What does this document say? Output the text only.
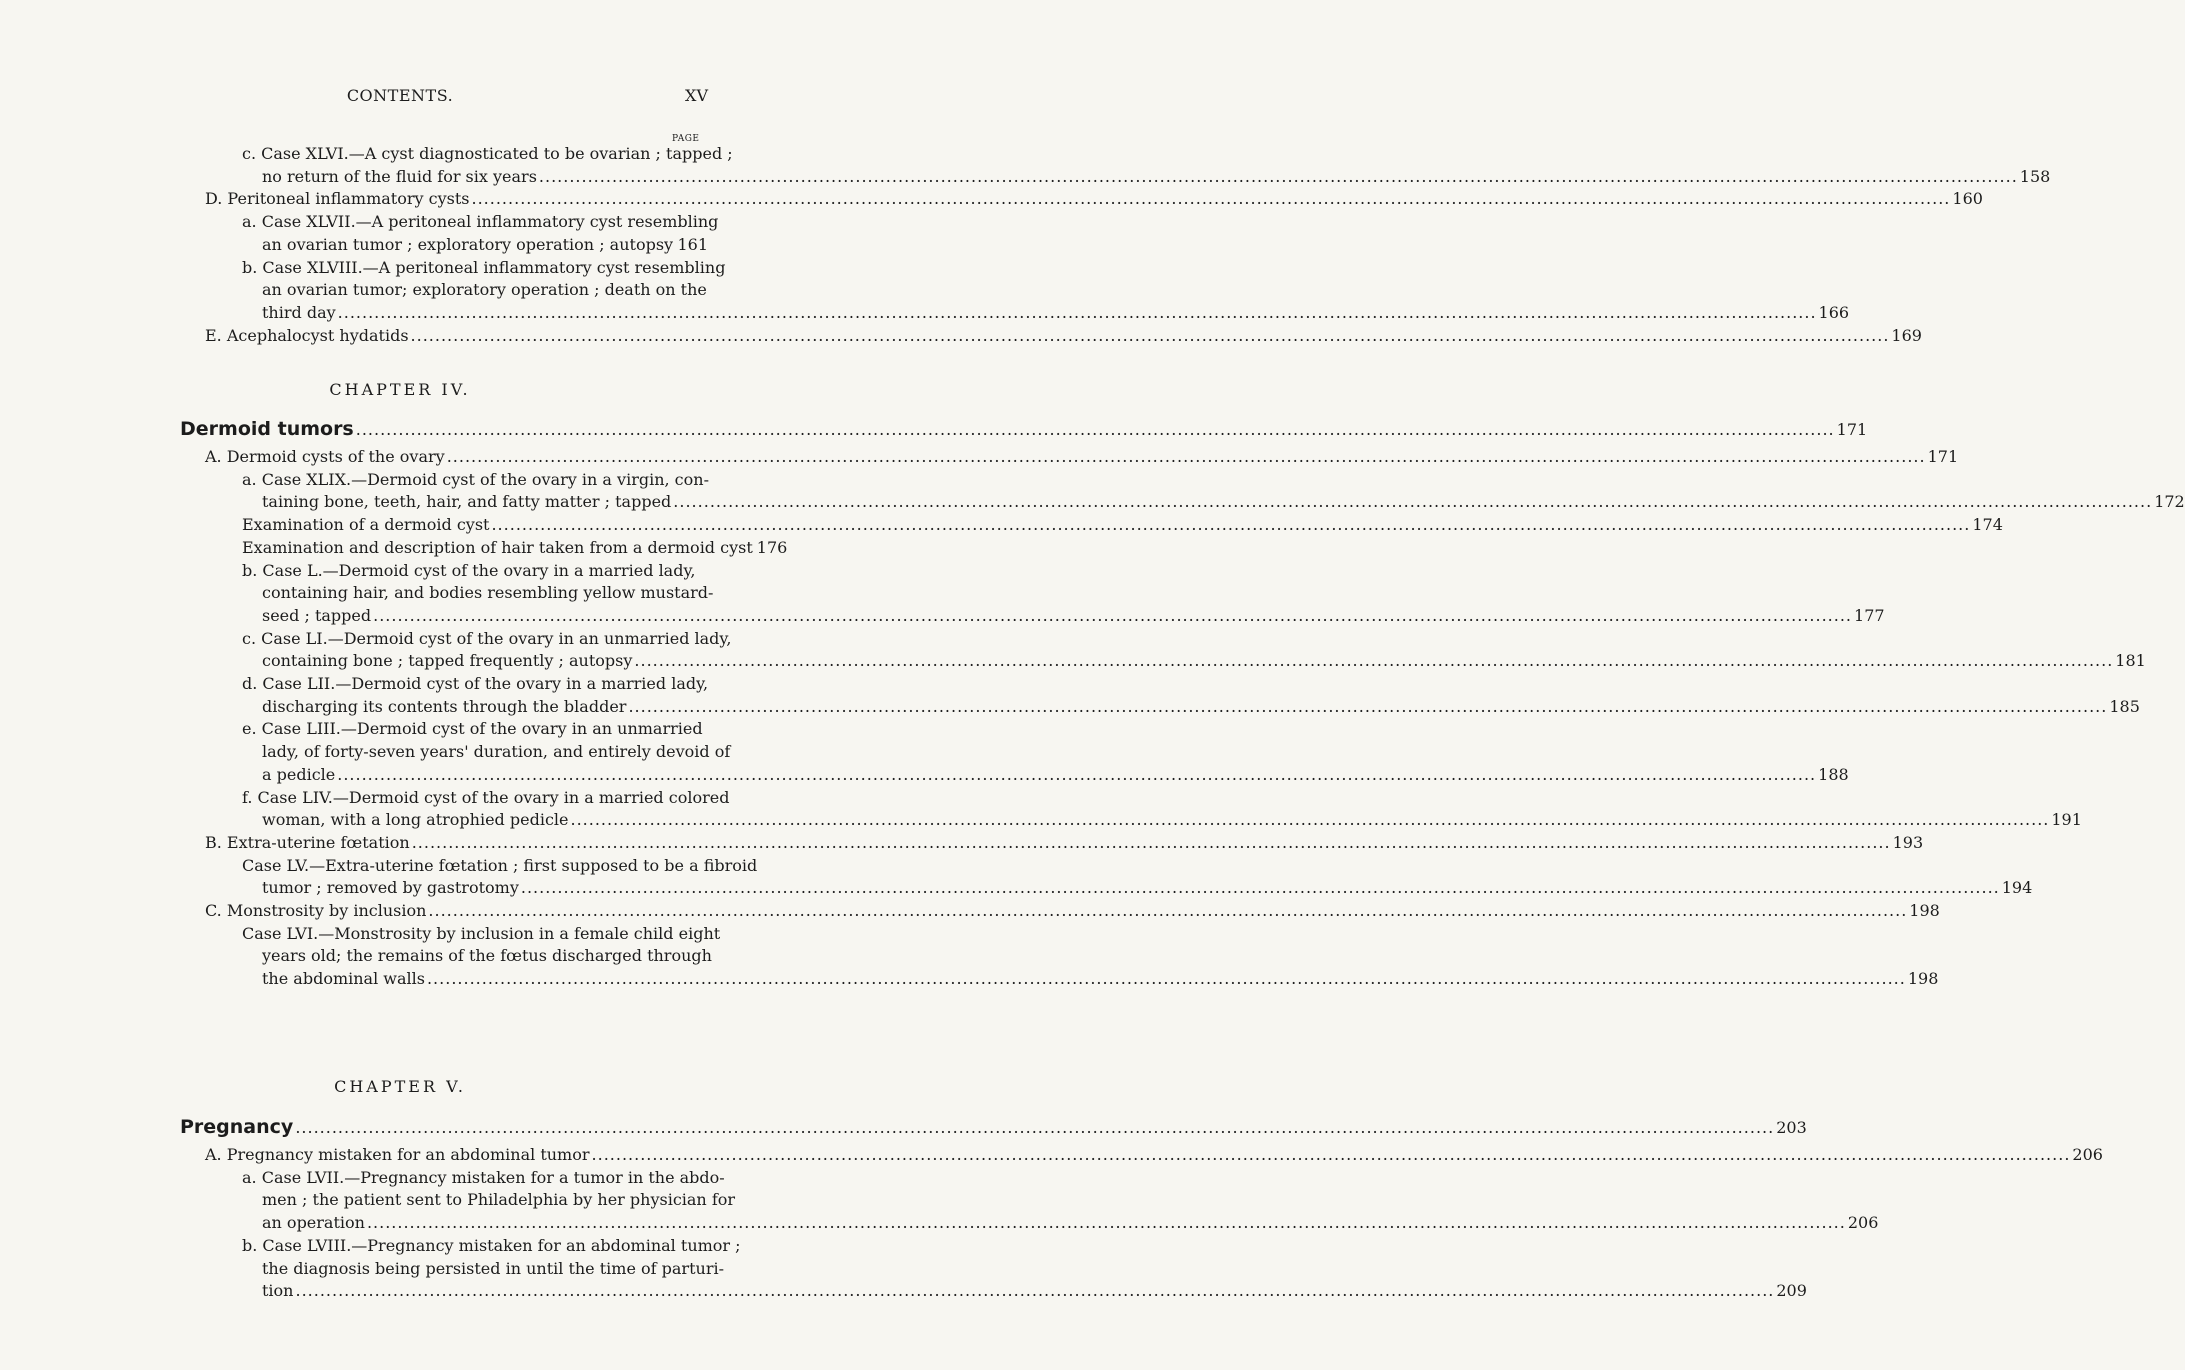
CONTENTS.	XV
PAGE
c. Case XLVI.—A cyst diagnosticated to be ovarian ; tapped ;
no return of the fluid for six years .....	158
D. Peritoneal inflammatory cysts .....	160
a. Case XLVII.—A peritoneal inflammatory cyst resembling
an ovarian tumor ; exploratory operation ; autopsy ..... 161
b. Case XLVIII.—A peritoneal inflammatory cyst resembling
an ovarian tumor; exploratory operation ; death on the
third day .....	166
E. Acephalocyst hydatids .....	169
CHAPTER IV.
Dermoid tumors .....	171
A. Dermoid cysts of the ovary .....	171
a. Case XLIX.—Dermoid cyst of the ovary in a virgin, con-
taining bone, teeth, hair, and fatty matter ; tapped .....	172
Examination of a dermoid cyst .....	174
Examination and description of hair taken from a dermoid cyst 176
b. Case L.—Dermoid cyst of the ovary in a married lady,
containing hair, and bodies resembling yellow mustard-
seed ; tapped .....	177
c. Case LI.—Dermoid cyst of the ovary in an unmarried lady,
containing bone ; tapped frequently ; autopsy .....	181
d. Case LII.—Dermoid cyst of the ovary in a married lady,
discharging its contents through the bladder .....	185
e. Case LIII.—Dermoid cyst of the ovary in an unmarried
lady, of forty-seven years' duration, and entirely devoid of
a pedicle .....	188
f. Case LIV.—Dermoid cyst of the ovary in a married colored
woman, with a long atrophied pedicle .....	191
B. Extra-uterine fœtation .....	193
Case LV.—Extra-uterine fœtation ; first supposed to be a fibroid
tumor ; removed by gastrotomy .....	194
C. Monstrosity by inclusion .....	198
Case LVI.—Monstrosity by inclusion in a female child eight
years old; the remains of the fœtus discharged through
the abdominal walls .....	198
CHAPTER V.
Pregnancy .....	203
A. Pregnancy mistaken for an abdominal tumor .....	206
a. Case LVII.—Pregnancy mistaken for a tumor in the abdo-
men ; the patient sent to Philadelphia by her physician for
an operation .....	206
b. Case LVIII.—Pregnancy mistaken for an abdominal tumor ;
the diagnosis being persisted in until the time of parturi-
tion .....	209
